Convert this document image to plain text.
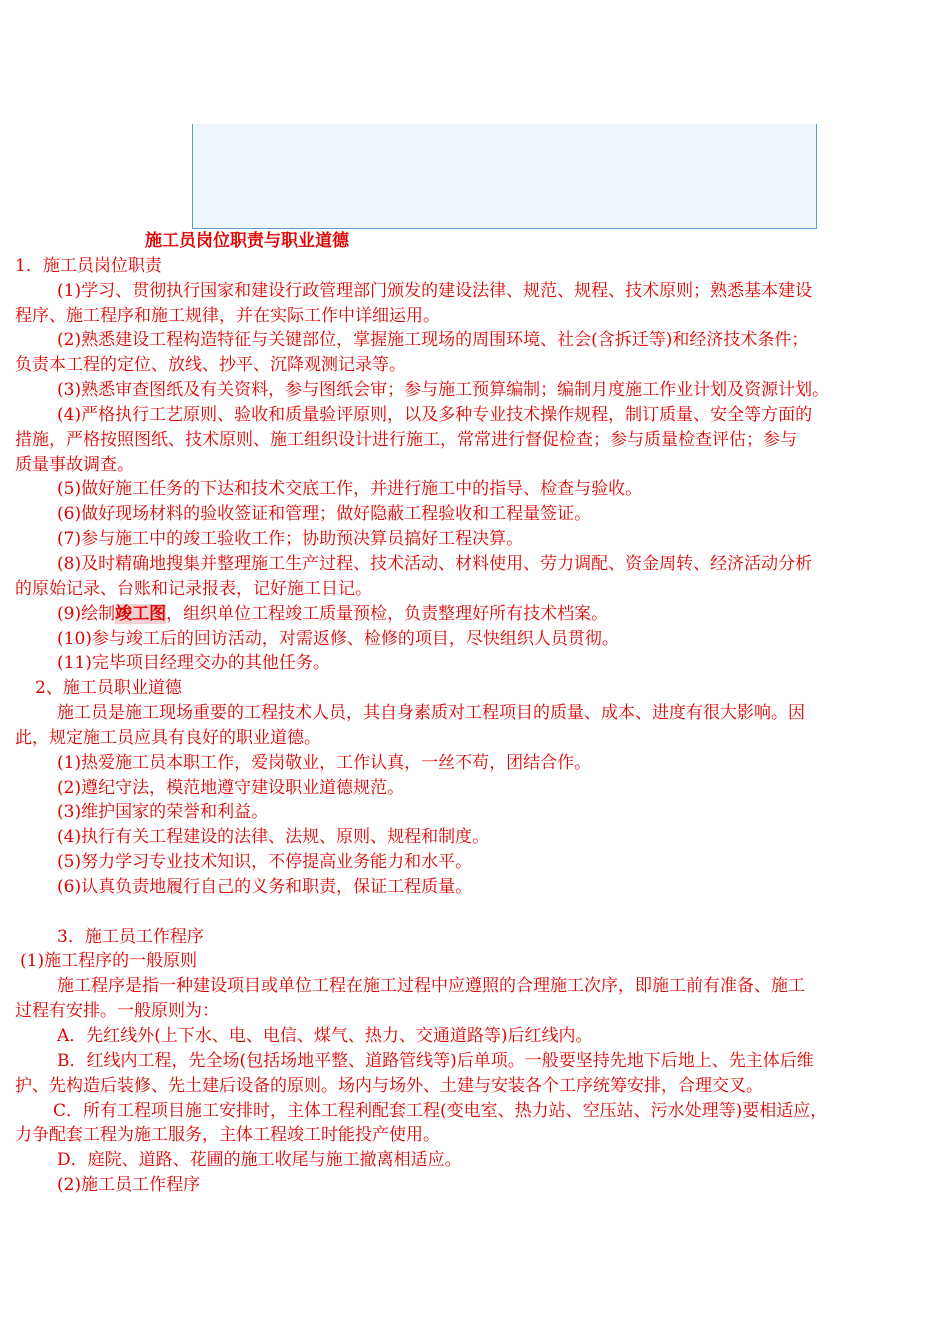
施工员岗位职责与职业道德

1．施工员岗位职责

(1)学习、贯彻执行国家和建设行政管理部门颁发的建设法律、规范、规程、技术原则；熟悉基本建设

程序、施工程序和施工规律，并在实际工作中详细运用。

(2)熟悉建设工程构造特征与关键部位，掌握施工现场的周围环境、社会(含拆迁等)和经济技术条件；

负责本工程的定位、放线、抄平、沉降观测记录等。

(3)熟悉审查图纸及有关资料，参与图纸会审；参与施工预算编制；编制月度施工作业计划及资源计划。

(4)严格执行工艺原则、验收和质量验评原则，以及多种专业技术操作规程，制订质量、安全等方面的

措施，严格按照图纸、技术原则、施工组织设计进行施工，常常进行督促检查；参与质量检查评估；参与

质量事故调查。

(5)做好施工任务的下达和技术交底工作，并进行施工中的指导、检查与验收。

(6)做好现场材料的验收签证和管理；做好隐蔽工程验收和工程量签证。

(7)参与施工中的竣工验收工作；协助预决算员搞好工程决算。

(8)及时精确地搜集并整理施工生产过程、技术活动、材料使用、劳力调配、资金周转、经济活动分析

的原始记录、台账和记录报表，记好施工日记。

(9)绘制竣工图，组织单位工程竣工质量预检，负责整理好所有技术档案。

(10)参与竣工后的回访活动，对需返修、检修的项目，尽快组织人员贯彻。

(11)完毕项目经理交办的其他任务。

2、施工员职业道德

施工员是施工现场重要的工程技术人员，其自身素质对工程项目的质量、成本、进度有很大影响。因

此，规定施工员应具有良好的职业道德。

(1)热爱施工员本职工作，爱岗敬业，工作认真，一丝不苟，团结合作。

(2)遵纪守法，模范地遵守建设职业道德规范。

(3)维护国家的荣誉和利益。

(4)执行有关工程建设的法律、法规、原则、规程和制度。

(5)努力学习专业技术知识，不停提高业务能力和水平。

(6)认真负责地履行自己的义务和职责，保证工程质量。

3．施工员工作程序

(1)施工程序的一般原则

施工程序是指一种建设项目或单位工程在施工过程中应遵照的合理施工次序，即施工前有准备、施工

过程有安排。一般原则为：

A．先红线外(上下水、电、电信、煤气、热力、交通道路等)后红线内。

B．红线内工程，先全场(包括场地平整、道路管线等)后单项。一般要坚持先地下后地上、先主体后维

护、先构造后装修、先土建后设备的原则。场内与场外、土建与安装各个工序统筹安排，合理交叉。

C．所有工程项目施工安排时，主体工程利配套工程(变电室、热力站、空压站、污水处理等)要相适应，

力争配套工程为施工服务，主体工程竣工时能投产使用。

D．庭院、道路、花圃的施工收尾与施工撤离相适应。

(2)施工员工作程序
